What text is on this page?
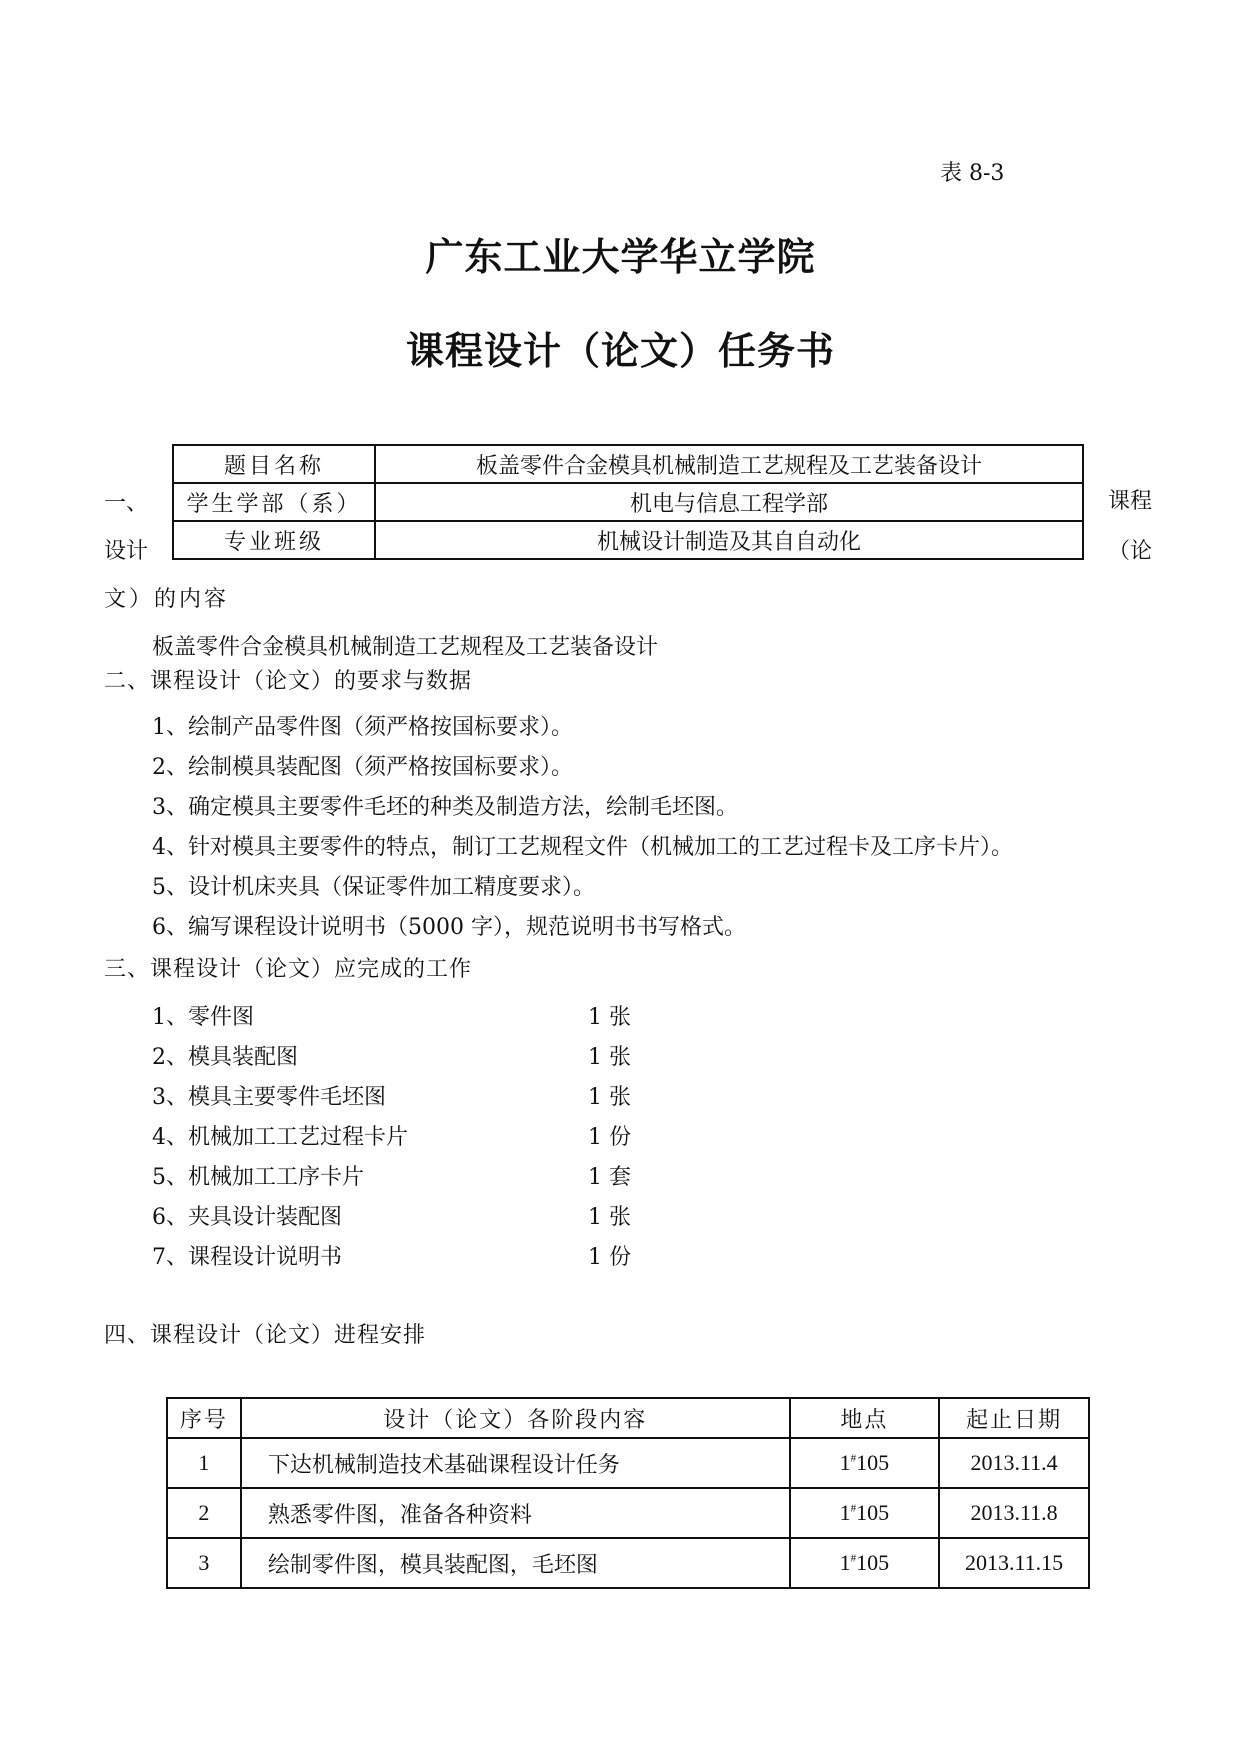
表 8-3
广东工业大学华立学院
课程设计（论文）任务书
一、
设计
课程
（论
题目名称	板盖零件合金模具机械制造工艺规程及工艺装备设计
学生学部（系）	机电与信息工程学部
专业班级	机械设计制造及其自自动化
文）的内容
板盖零件合金模具机械制造工艺规程及工艺装备设计
二、课程设计（论文）的要求与数据
1、绘制产品零件图（须严格按国标要求）。
2、绘制模具装配图（须严格按国标要求）。
3、确定模具主要零件毛坯的种类及制造方法，绘制毛坯图。
4、针对模具主要零件的特点，制订工艺规程文件（机械加工的工艺过程卡及工序卡片）。
5、设计机床夹具（保证零件加工精度要求）。
6、编写课程设计说明书（5000 字），规范说明书书写格式。
三、课程设计（论文）应完成的工作
1、零件图	1 张
2、模具装配图	1 张
3、模具主要零件毛坯图	1 张
4、机械加工工艺过程卡片	1 份
5、机械加工工序卡片	1 套
6、夹具设计装配图	1 张
7、课程设计说明书	1 份
四、课程设计（论文）进程安排
序号	设计（论文）各阶段内容	地点	起止日期
1	下达机械制造技术基础课程设计任务	1#105	2013.11.4
2	熟悉零件图，准备各种资料	1#105	2013.11.8
3	绘制零件图，模具装配图，毛坯图	1#105	2013.11.15
